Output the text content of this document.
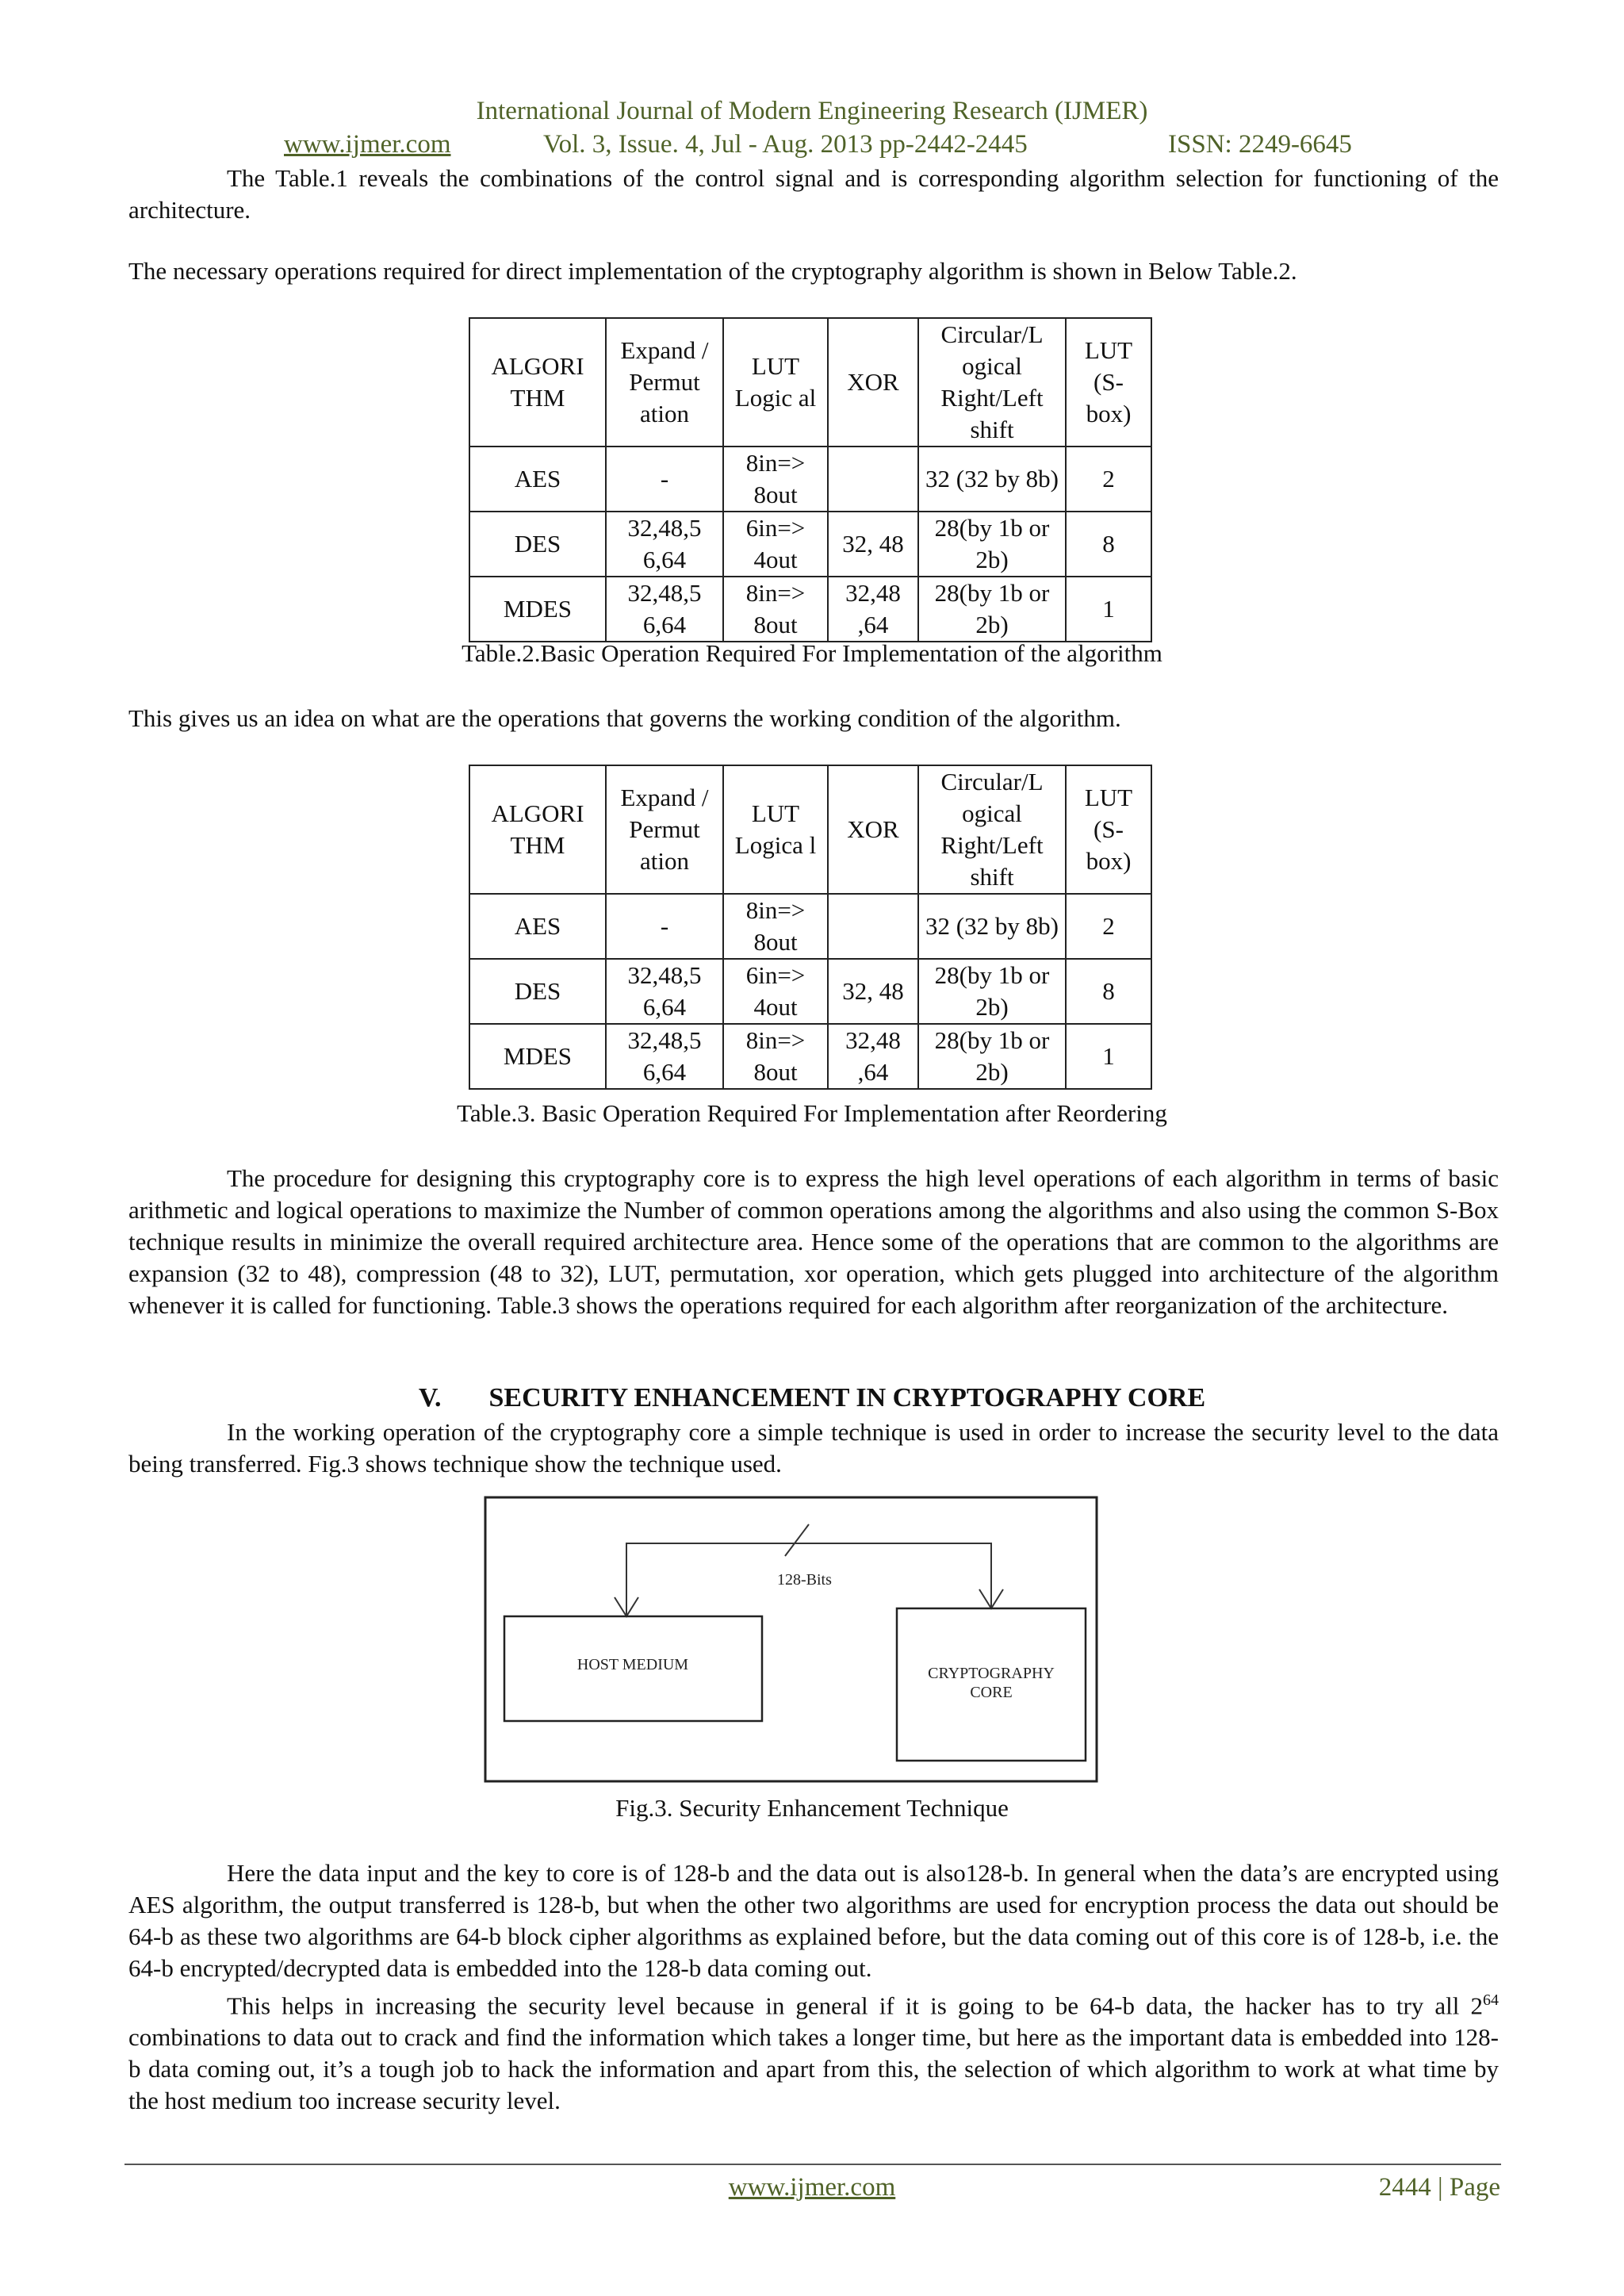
International Journal of Modern Engineering Research (IJMER)
www.ijmer.com	Vol. 3, Issue. 4, Jul - Aug. 2013 pp-2442-2445	ISSN: 2249-6645
The Table.1 reveals the combinations of the control signal and is corresponding algorithm selection for functioning of the architecture.
The necessary operations required for direct implementation of the cryptography algorithm is shown in Below Table.2.
ALGORI THM	Expand / Permut ation	LUT Logic al	XOR	Circular/L ogical Right/Left shift	LUT (S- box)
AES	-	8in=> 8out		32 (32 by 8b)	2
DES	32,48,5 6,64	6in=> 4out	32, 48	28(by 1b or 2b)	8
MDES	32,48,5 6,64	8in=> 8out	32,48 ,64	28(by 1b or 2b)	1
Table.2.Basic Operation Required For Implementation of the algorithm
This gives us an idea on what are the operations that governs the working condition of the algorithm.
ALGORI THM	Expand / Permut ation	LUT Logica l	XOR	Circular/L ogical Right/Left shift	LUT (S- box)
AES	-	8in=> 8out		32 (32 by 8b)	2
DES	32,48,5 6,64	6in=> 4out	32, 48	28(by 1b or 2b)	8
MDES	32,48,5 6,64	8in=> 8out	32,48 ,64	28(by 1b or 2b)	1
Table.3. Basic Operation Required For Implementation after Reordering
The procedure for designing this cryptography core is to express the high level operations of each algorithm in terms of basic arithmetic and logical operations to maximize the Number of common operations among the algorithms and also using the common S-Box technique results in minimize the overall required architecture area. Hence some of the operations that are common to the algorithms are expansion (32 to 48), compression (48 to 32), LUT, permutation, xor operation, which gets plugged into architecture of the algorithm whenever it is called for functioning. Table.3 shows the operations required for each algorithm after reorganization of the architecture.
V. SECURITY ENHANCEMENT IN CRYPTOGRAPHY CORE
In the working operation of the cryptography core a simple technique is used in order to increase the security level to the data being transferred. Fig.3 shows technique show the technique used.
128-Bits
HOST MEDIUM	CRYPTOGRAPHY
CORE
Fig.3. Security Enhancement Technique
Here the data input and the key to core is of 128-b and the data out is also128-b. In general when the data’s are encrypted using AES algorithm, the output transferred is 128-b, but when the other two algorithms are used for encryption process the data out should be 64-b as these two algorithms are 64-b block cipher algorithms as explained before, but the data coming out of this core is of 128-b, i.e. the 64-b encrypted/decrypted data is embedded into the 128-b data coming out.
This helps in increasing the security level because in general if it is going to be 64-b data, the hacker has to try all $2^{64}$ combinations to data out to crack and find the information which takes a longer time, but here as the important data is embedded into 128-b data coming out, it’s a tough job to hack the information and apart from this, the selection of which algorithm to work at what time by the host medium too increase security level.
www.ijmer.com	2444 | Page
